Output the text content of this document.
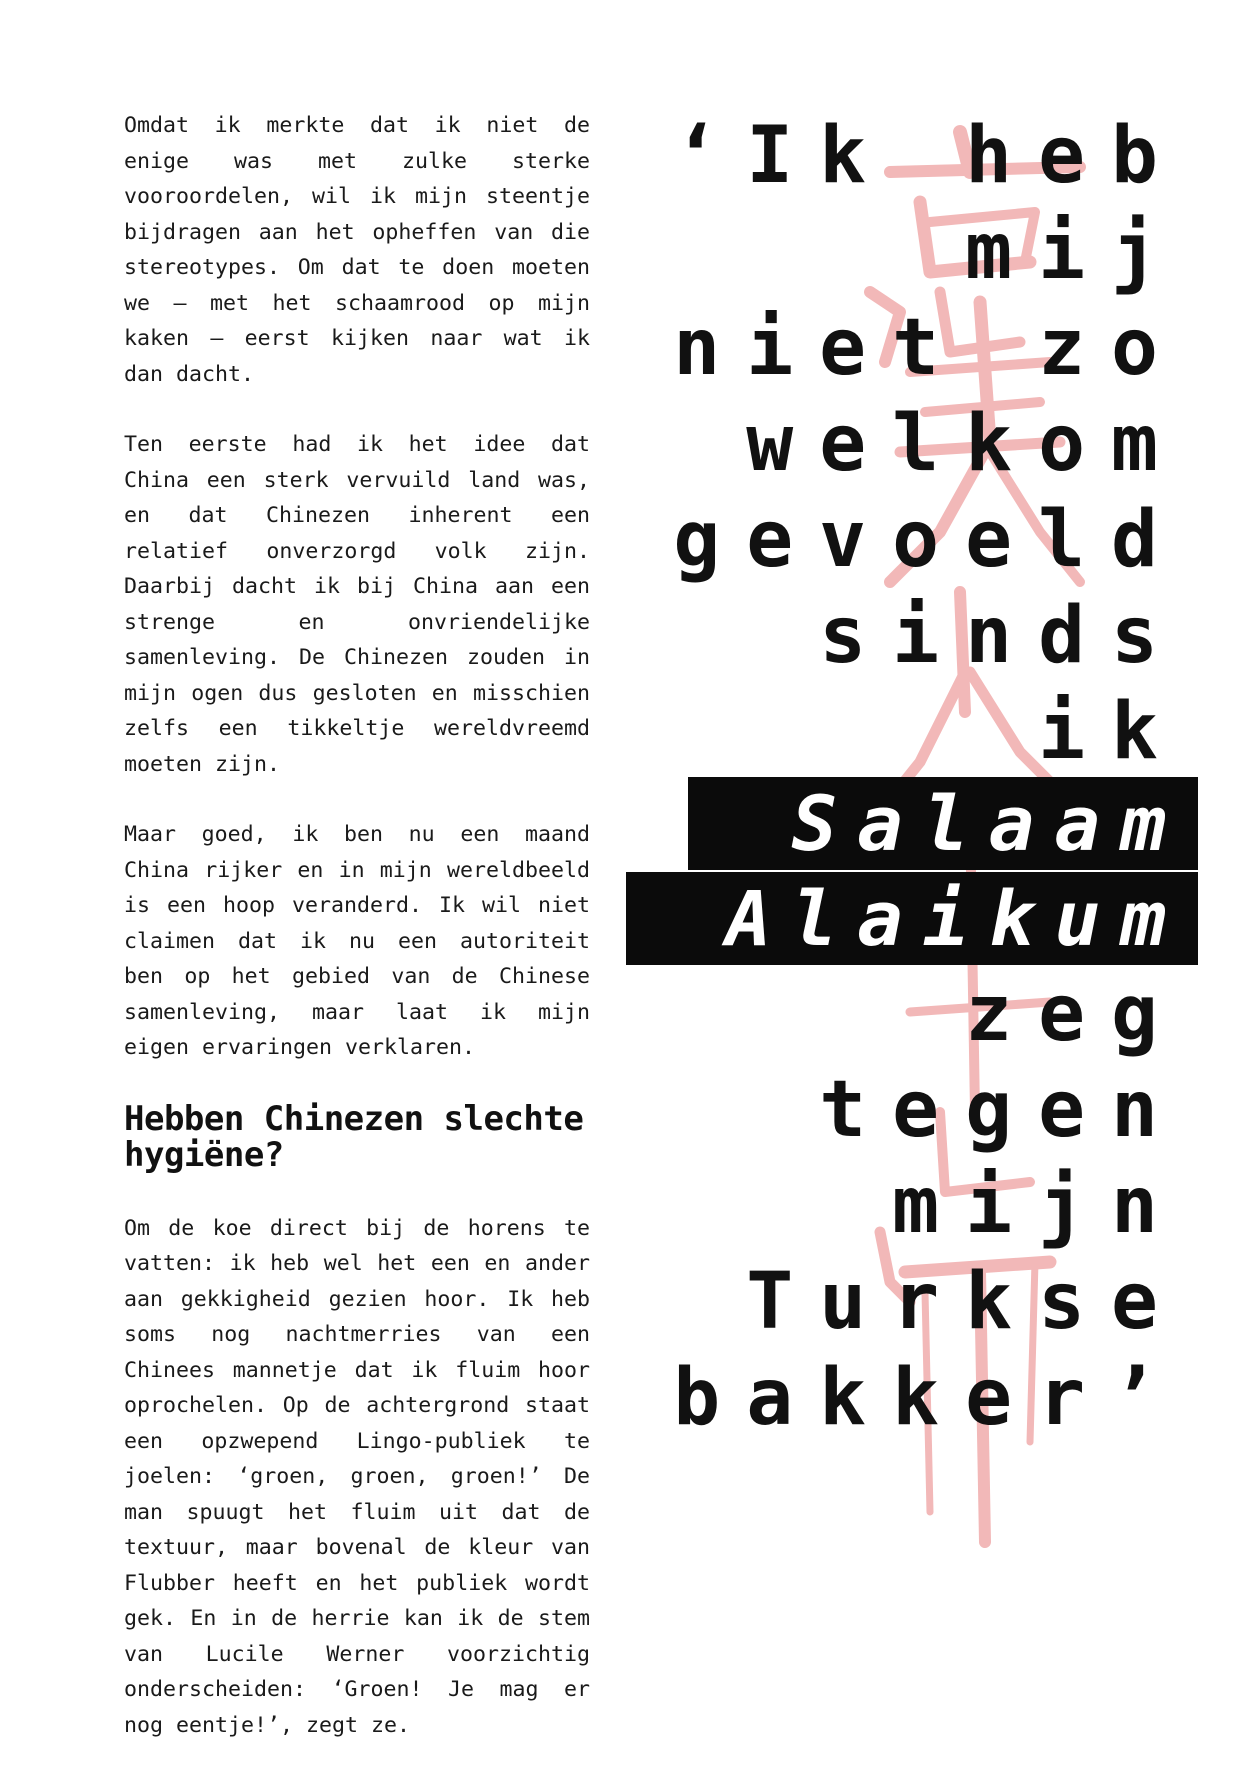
Omdat ik merkte dat ik niet de enige was met zulke sterke vooroordelen, wil ik mijn steentje bijdragen aan het opheffen van die stereotypes. Om dat te doen moeten we – met het schaamrood op mijn kaken – eerst kijken naar wat ik dan dacht.

Ten eerste had ik het idee dat China een sterk vervuild land was, en dat Chinezen inherent een relatief onverzorgd volk zijn. Daarbij dacht ik bij China aan een strenge en onvriendelijke samenleving. De Chinezen zouden in mijn ogen dus gesloten en misschien zelfs een tikkeltje wereldvreemd moeten zijn.

Maar goed, ik ben nu een maand China rijker en in mijn wereldbeeld is een hoop veranderd. Ik wil niet claimen dat ik nu een autoriteit ben op het gebied van de Chinese samenleving, maar laat ik mijn eigen ervaringen verklaren.

Hebben Chinezen slechte hygiëne?

Om de koe direct bij de horens te vatten: ik heb wel het een en ander aan gekkigheid gezien hoor. Ik heb soms nog nachtmerries van een Chinees mannetje dat ik fluim hoor oprochelen. Op de achtergrond staat een opzwepend Lingo-publiek te joelen: ‘groen, groen, groen!’ De man spuugt het fluim uit dat de textuur, maar bovenal de kleur van Flubber heeft en het publiek wordt gek. En in de herrie kan ik de stem van Lucile Werner voorzichtig onderscheiden: ‘Groen! Je mag er nog eentje!’, zegt ze.

‘Ik heb
mij
niet zo
welkom
gevoeld
sinds
ik
Salaam
Alaikum
zeg
tegen
mijn
Turkse
bakker’
